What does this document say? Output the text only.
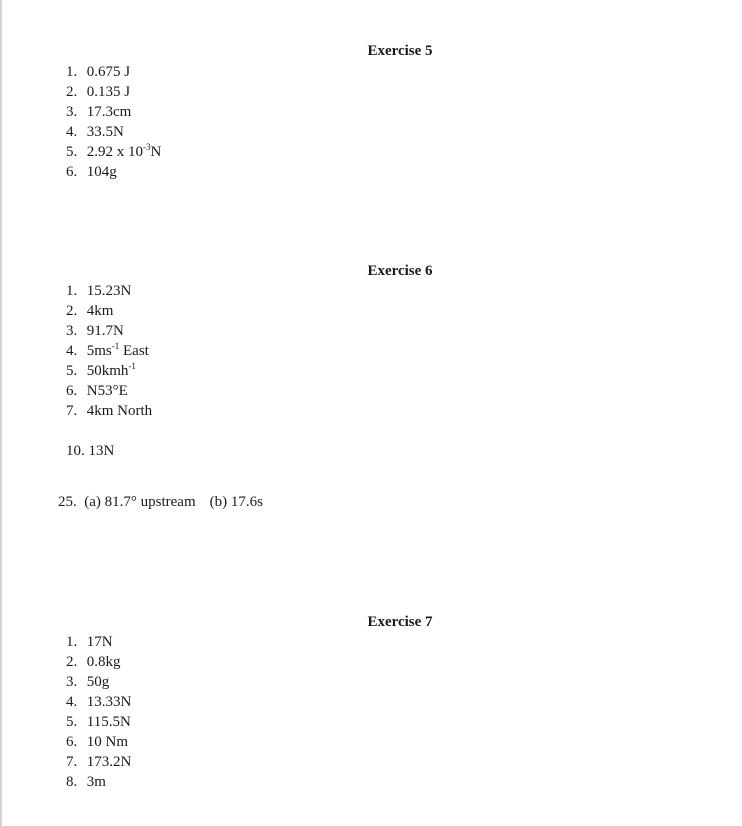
Exercise 5
1. 0.675 J
2. 0.135 J
3. 17.3cm
4. 33.5N
5. 2.92 x $10^{-3}N$
6. 104g
Exercise 6
1. 15.23N
2. 4km
3. 91.7N
4. $5ms^{-1}$ East
5. 50kmh$^{-1}$
6. N53°E
7. 4km North
10. 13N
25. (a) 81.7° upstream (b) 17.6s
Exercise 7
1. 17N
2. 0.8kg
3. 50g
4. 13.33N
5. 115.5N
6. 10 Nm
7. 173.2N
8. 3m
